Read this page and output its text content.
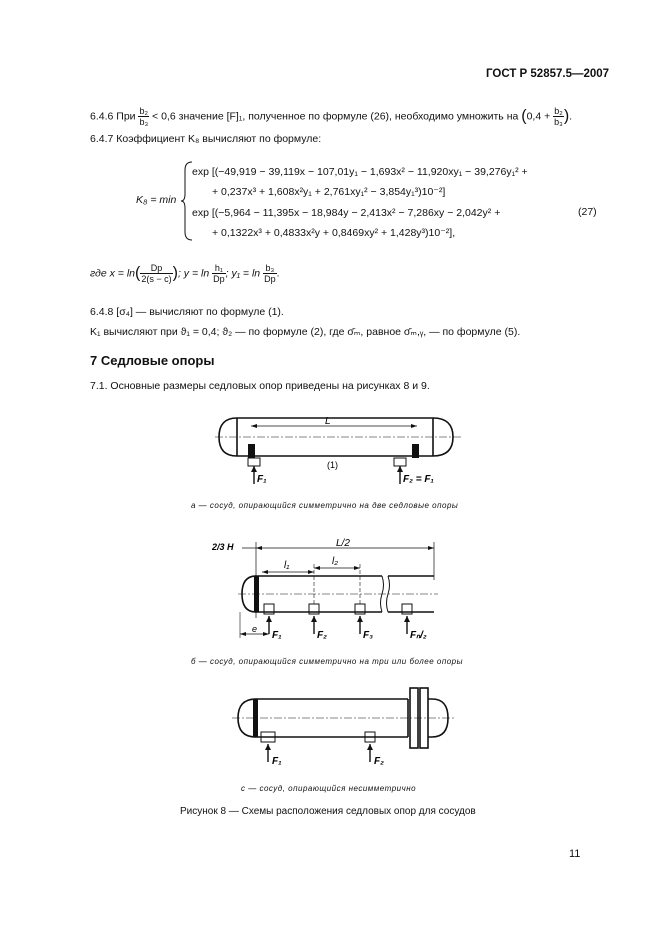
ГОСТ Р 52857.5—2007
6.4.6 При $\frac{\text{b₂}}{\text{b₃}} < 0,6$ значение [F]₁, полученное по формуле (26), необходимо умножить на ($0,4 + \frac{\text{b₂}}{\text{b₃}}$ ).
6.4.7 Коэффициент K₈ вычисляют по формуле:
K₈ = min
exp [(−49,919 − 39,119x − 107,01y₁ − 1,693x² − 11,920xy₁ − 39,276y₁² +
+ 0,237x³ + 1,608x²y₁ + 2,761xy₁² − 3,854y₁³)10⁻²]
exp [(−5,964 − 11,395x − 18,984y − 2,413x² − 7,286xy − 2,042y² +
+ 0,1322x³ + 0,4833x²y + 0,8469xy² + 1,428y³)10⁻²],
(27)
где $x = \ln( \frac{Dр}{2(s - c)}$ ); $y = \ln \frac{\text{h₁}}{Dр}$ ; $y_1 = \ln \frac{\text{b₃}}{Dр}$ .
6.4.8 [σ₄] — вычисляют по формуле (1).
K₁ вычисляют при ϑ₁ = 0,4; ϑ₂ — по формуле (2), где σ̄ₘ, равное σ̄ₘ,ᵧ, — по формуле (5).
7 Седловые опоры
7.1. Основные размеры седловых опор приведены на рисунках 8 и 9.
L
(1)
F₁	F₂ = F₁
а — сосуд, опирающийся симметрично на две седловые опоры
2/3 H	L/2
l₁	l₂
e
F₁	F₂	F₃	Fₙ/₂
б — сосуд, опирающийся симметрично на три или более опоры
F₁	F₂
с — сосуд, опирающийся несимметрично
Рисунок 8 — Схемы расположения седловых опор для сосудов
11
